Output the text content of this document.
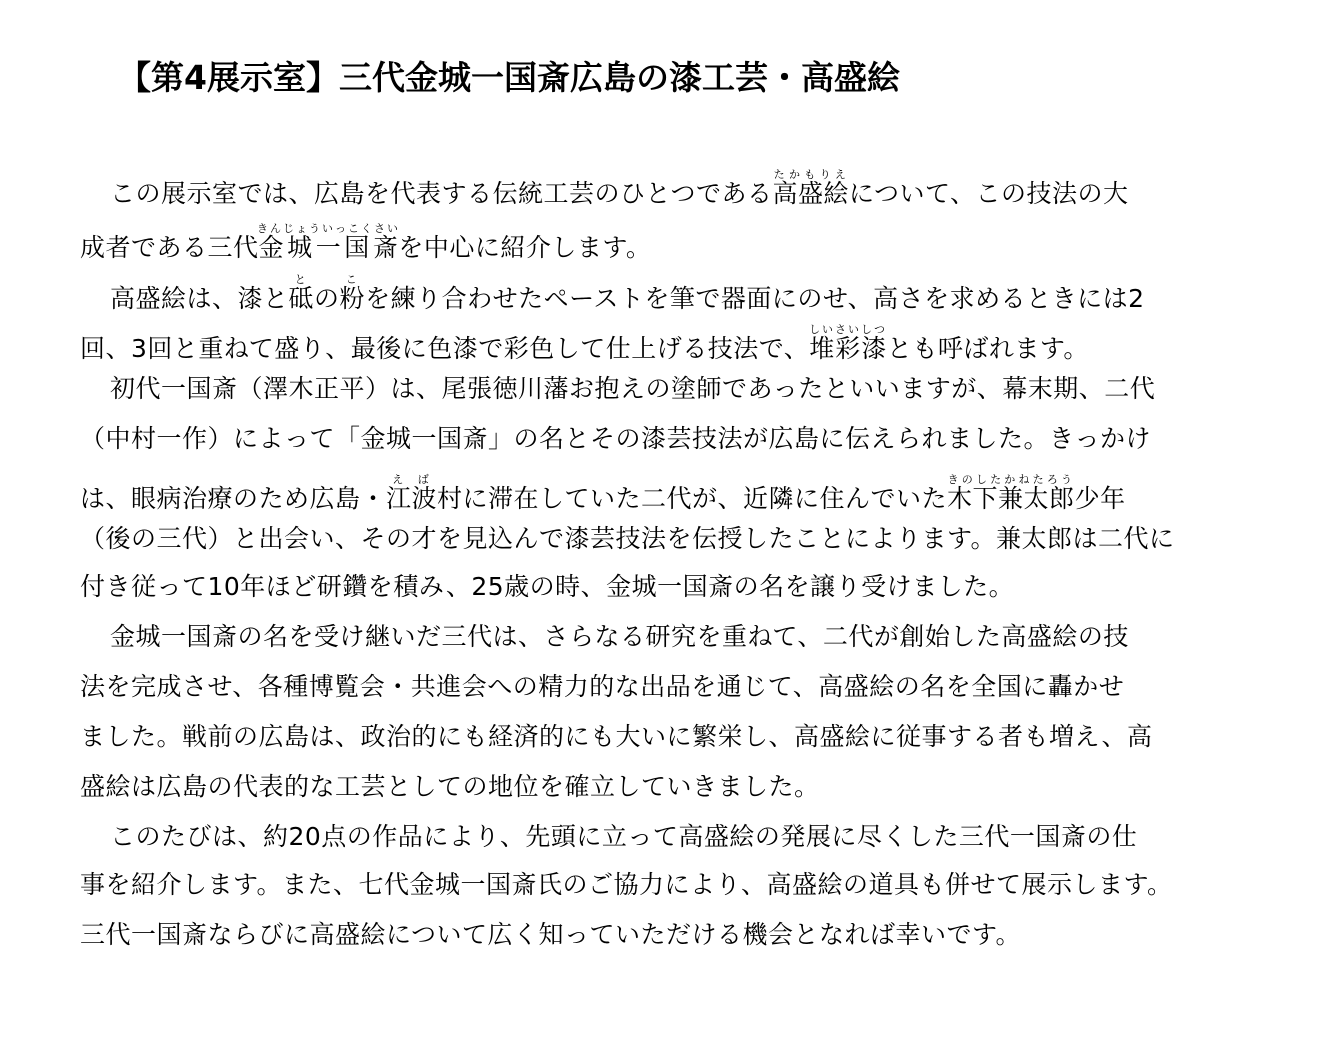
【第4展示室】三代金城一国斎広島の漆工芸・高盛絵
この展示室では、広島を代表する伝統工芸のひとつである高盛絵たかもりえについて、この技法の大
成者である三代金城一国斎きんじょういっこくさいを中心に紹介します。
高盛絵は、漆と砥との粉こを練り合わせたペーストを筆で器面にのせ、高さを求めるときには2
回、3回と重ねて盛り、最後に色漆で彩色して仕上げる技法で、堆彩漆しいさいしつとも呼ばれます。
初代一国斎（澤木正平）は、尾張徳川藩お抱えの塗師であったといいますが、幕末期、二代
（中村一作）によって「金城一国斎」の名とその漆芸技法が広島に伝えられました。きっかけ
は、眼病治療のため広島・江波えば村に滞在していた二代が、近隣に住んでいた木下兼太郎きのしたかねたろう少年
（後の三代）と出会い、その才を見込んで漆芸技法を伝授したことによります。兼太郎は二代に
付き従って10年ほど研鑽を積み、25歳の時、金城一国斎の名を譲り受けました。
金城一国斎の名を受け継いだ三代は、さらなる研究を重ねて、二代が創始した高盛絵の技
法を完成させ、各種博覧会・共進会への精力的な出品を通じて、高盛絵の名を全国に轟かせ
ました。戦前の広島は、政治的にも経済的にも大いに繁栄し、高盛絵に従事する者も増え、高
盛絵は広島の代表的な工芸としての地位を確立していきました。
このたびは、約20点の作品により、先頭に立って高盛絵の発展に尽くした三代一国斎の仕
事を紹介します。また、七代金城一国斎氏のご協力により、高盛絵の道具も併せて展示します。
三代一国斎ならびに高盛絵について広く知っていただける機会となれば幸いです。
